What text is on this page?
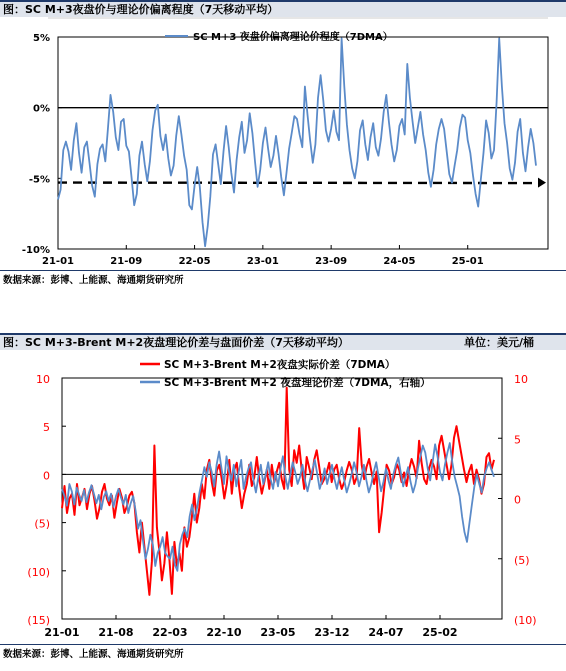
图：SC M+3夜盘价与理论价偏离程度（7天移动平均）
5%
0%
-5%
-10%
21-01	21-09	22-05	23-01	23-09	24-05	25-01
SC M+3 夜盘价偏离理论价程度（7DMA）
数据来源：彭博、上能源、海通期货研究所
图：SC M+3-Brent M+2夜盘理论价差与盘面价差（7天移动平均）	单位：美元/桶
10
5
0
(5)
(10)
(15)
10
5
0
(5)
(10)
21-01 21-08 22-03 22-10 23-05 23-12 24-07 25-02
SC M+3-Brent M+2夜盘实际价差（7DMA）
SC M+3-Brent M+2 夜盘理论价差（7DMA，右轴）
数据来源：彭博、上能源、海通期货研究所
